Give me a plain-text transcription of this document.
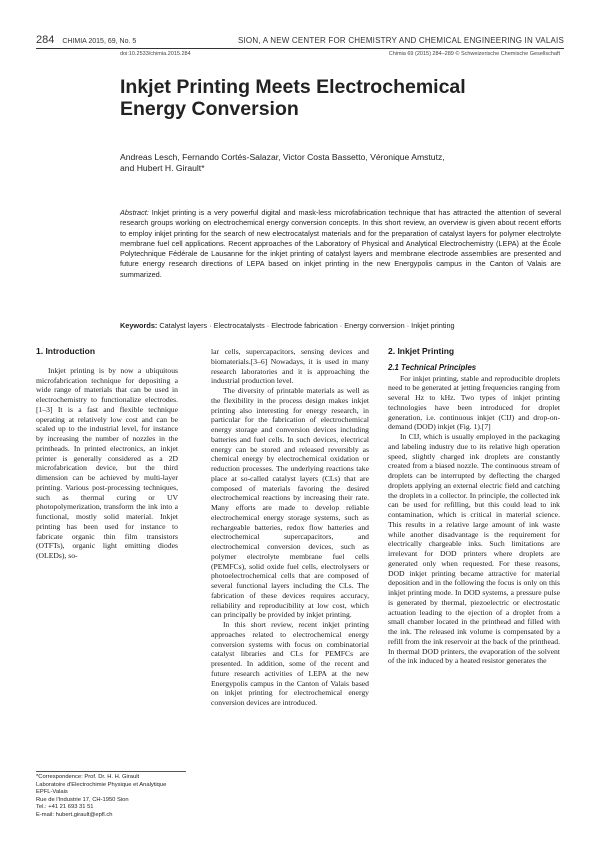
284 CHIMIA 2015, 69, No. 5	SION, A NEW CENTER FOR CHEMISTRY AND CHEMICAL ENGINEERING IN VALAIS
doi:10.2533/chimia.2015.284	Chimia 69 (2015) 284–289 © Schweizerische Chemische Gesellschaft
Inkjet Printing Meets Electrochemical Energy Conversion
Andreas Lesch, Fernando Cortés-Salazar, Victor Costa Bassetto, Véronique Amstutz, and Hubert H. Girault*
Abstract: Inkjet printing is a very powerful digital and mask-less microfabrication technique that has attracted the attention of several research groups working on electrochemical energy conversion concepts. In this short review, an overview is given about recent efforts to employ inkjet printing for the search of new electrocatalyst materials and for the preparation of catalyst layers for polymer electrolyte membrane fuel cell applications. Recent approaches of the Laboratory of Physical and Analytical Electrochemistry (LEPA) at the École Polytechnique Fédérale de Lausanne for the inkjet printing of catalyst layers and membrane electrode assemblies are presented and future energy research directions of LEPA based on inkjet printing in the new Energypolis campus in the Canton of Valais are summarized.
Keywords: Catalyst layers · Electrocatalysts · Electrode fabrication · Energy conversion · Inkjet printing
1. Introduction

Inkjet printing is by now a ubiquitous microfabrication technique for depositing a wide range of materials that can be used in electrochemistry to functionalize electrodes.[1–3] It is a fast and flexible technique operating at relatively low cost and can be scaled up to the industrial level, for instance by increasing the number of nozzles in the printheads. In printed electronics, an inkjet printer is generally considered as a 2D microfabrication device, but the third dimension can be achieved by multi-layer printing. Various post-processing techniques, such as thermal curing or UV photopolymerization, transform the ink into a functional, mostly solid material. Inkjet printing has been used for instance to fabricate organic thin film transistors (OTFTs), organic light emitting diodes (OLEDs), so-

lar cells, supercapacitors, sensing devices and biomaterials.[3–6] Nowadays, it is used in many research laboratories and it is approaching the industrial production level.

The diversity of printable materials as well as the flexibility in the process design makes inkjet printing also interesting for energy research, in particular for the fabrication of electrochemical energy storage and conversion devices including batteries and fuel cells. In such devices, electrical energy can be stored and released reversibly as chemical energy by electrochemical oxidation or reduction processes. The underlying reactions take place at so-called catalyst layers (CLs) that are composed of materials favoring the desired electrochemical reactions by increasing their rate. Many efforts are made to develop reliable electrochemical energy storage systems, such as rechargeable batteries, redox flow batteries and electrochemical supercapacitors, and electrochemical conversion devices, such as polymer electrolyte membrane fuel cells (PEMFCs), solid oxide fuel cells, electrolysers or photoelectrochemical cells that are composed of several functional layers including the CLs. The fabrication of these devices requires accuracy, reliability and reproducibility at low cost, which can principally be provided by inkjet printing.

In this short review, recent inkjet printing approaches related to electrochemical energy conversion systems with focus on combinatorial catalyst libraries and CLs for PEMFCs are presented. In addition, some of the recent and future research activities of LEPA at the new Energypolis campus in the Canton of Valais based on inkjet printing for electrochemical energy conversion devices are introduced.

2. Inkjet Printing
2.1 Technical Principles

For inkjet printing, stable and reproducible droplets need to be generated at jetting frequencies ranging from several Hz to kHz. Two types of inkjet printing technologies have been introduced for droplet generation, i.e. continuous inkjet (CIJ) and drop-on-demand (DOD) inkjet (Fig. 1).[7]

In CIJ, which is usually employed in the packaging and labeling industry due to its relative high operation speed, slightly charged ink droplets are constantly created from a biased nozzle. The continuous stream of droplets can be interrupted by deflecting the charged droplets applying an external electric field and catching the droplets in a collector. In principle, the collected ink can be used for refilling, but this could lead to ink contamination, which is critical in material science. This results in a relative large amount of ink waste while another disadvantage is the requirement for electrically chargeable inks. Such limitations are irrelevant for DOD printers where droplets are generated only when requested. For these reasons, DOD inkjet printing became attractive for material deposition and in the following the focus is only on this inkjet printing mode. In DOD systems, a pressure pulse is generated by thermal, piezoelectric or electrostatic actuation leading to the ejection of a droplet from a small chamber located in the printhead and filled with the ink. The released ink volume is compensated by a refill from the ink reservoir at the back of the printhead. In thermal DOD printers, the evaporation of the solvent of the ink induced by a heated resistor generates the

*Correspondence: Prof. Dr. H. H. Girault
Laboratoire d'Electrochimie Physique et Analytique
EPFL-Valais
Rue de l'Industrie 17, CH-1950 Sion
Tel.: +41 21 693 31 51
E-mail: hubert.girault@epfl.ch
